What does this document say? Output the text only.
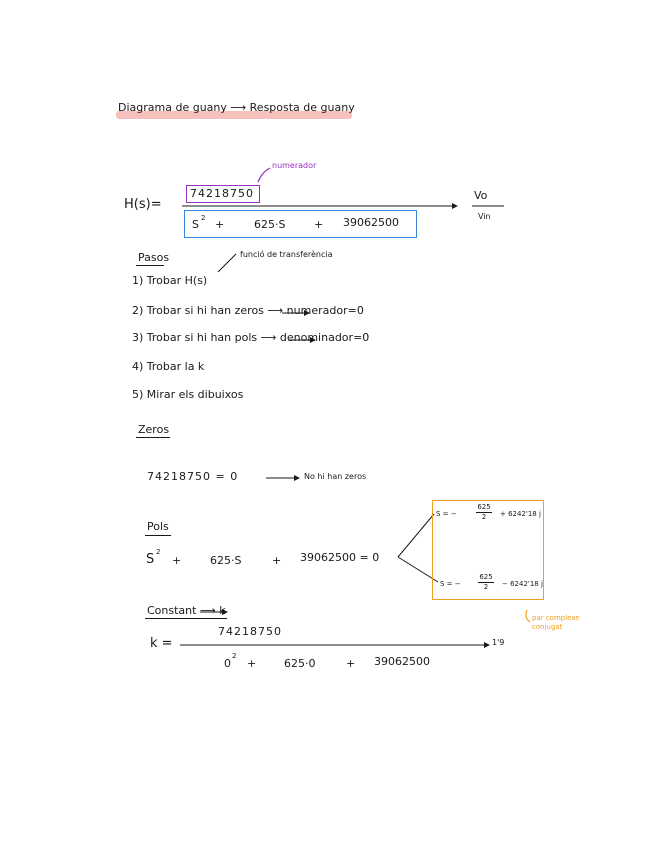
Diagrama de guany ⟶ Resposta de guany
numerador
H(s)=
74218750
S 2 +	625·S	+ 39062500
Vo
Vin
Pasos	funció de transferència
1) Trobar H(s)
2) Trobar si hi han zeros ⟶ numerador=0
3) Trobar si hi han pols ⟶ denominador=0
4) Trobar la k
5) Mirar els dibuixos
Zeros
74218750 = 0	No hi han zeros
Pols
S 2
+	625·S	+ 39062500 = 0
S = −
625
2 + 6242'18 j
S = −
625
2 − 6242'18 j
par complexe conjugat
Constant ⟶ k
k =
74218750
0
2
+	625·0	+ 39062500
1'9
